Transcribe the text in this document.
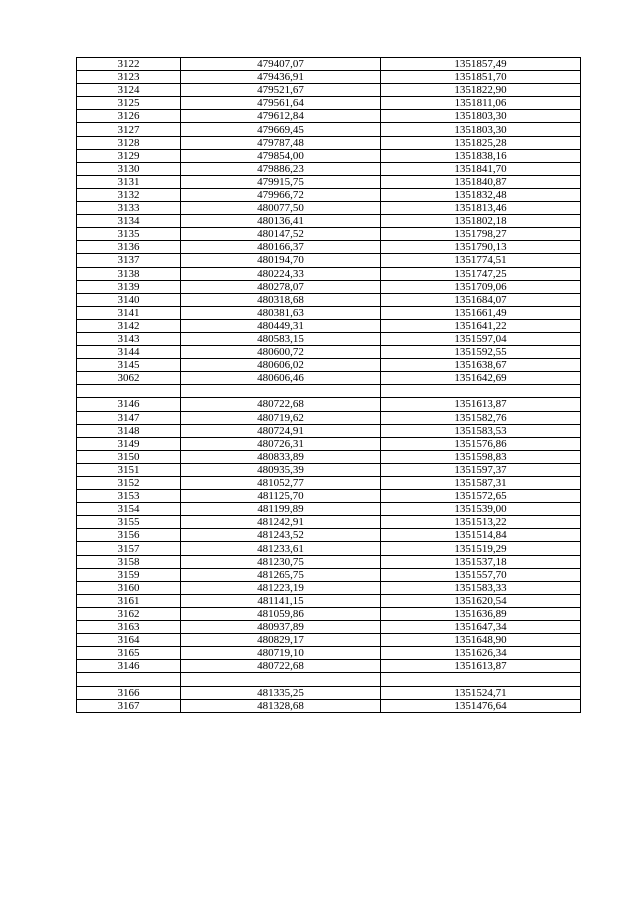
3122	479407,07	1351857,49
3123	479436,91	1351851,70
3124	479521,67	1351822,90
3125	479561,64	1351811,06
3126	479612,84	1351803,30
3127	479669,45	1351803,30
3128	479787,48	1351825,28
3129	479854,00	1351838,16
3130	479886,23	1351841,70
3131	479915,75	1351840,87
3132	479966,72	1351832,48
3133	480077,50	1351813,46
3134	480136,41	1351802,18
3135	480147,52	1351798,27
3136	480166,37	1351790,13
3137	480194,70	1351774,51
3138	480224,33	1351747,25
3139	480278,07	1351709,06
3140	480318,68	1351684,07
3141	480381,63	1351661,49
3142	480449,31	1351641,22
3143	480583,15	1351597,04
3144	480600,72	1351592,55
3145	480606,02	1351638,67
3062	480606,46	1351642,69

3146	480722,68	1351613,87
3147	480719,62	1351582,76
3148	480724,91	1351583,53
3149	480726,31	1351576,86
3150	480833,89	1351598,83
3151	480935,39	1351597,37
3152	481052,77	1351587,31
3153	481125,70	1351572,65
3154	481199,89	1351539,00
3155	481242,91	1351513,22
3156	481243,52	1351514,84
3157	481233,61	1351519,29
3158	481230,75	1351537,18
3159	481265,75	1351557,70
3160	481223,19	1351583,33
3161	481141,15	1351620,54
3162	481059,86	1351636,89
3163	480937,89	1351647,34
3164	480829,17	1351648,90
3165	480719,10	1351626,34
3146	480722,68	1351613,87

3166	481335,25	1351524,71
3167	481328,68	1351476,64
